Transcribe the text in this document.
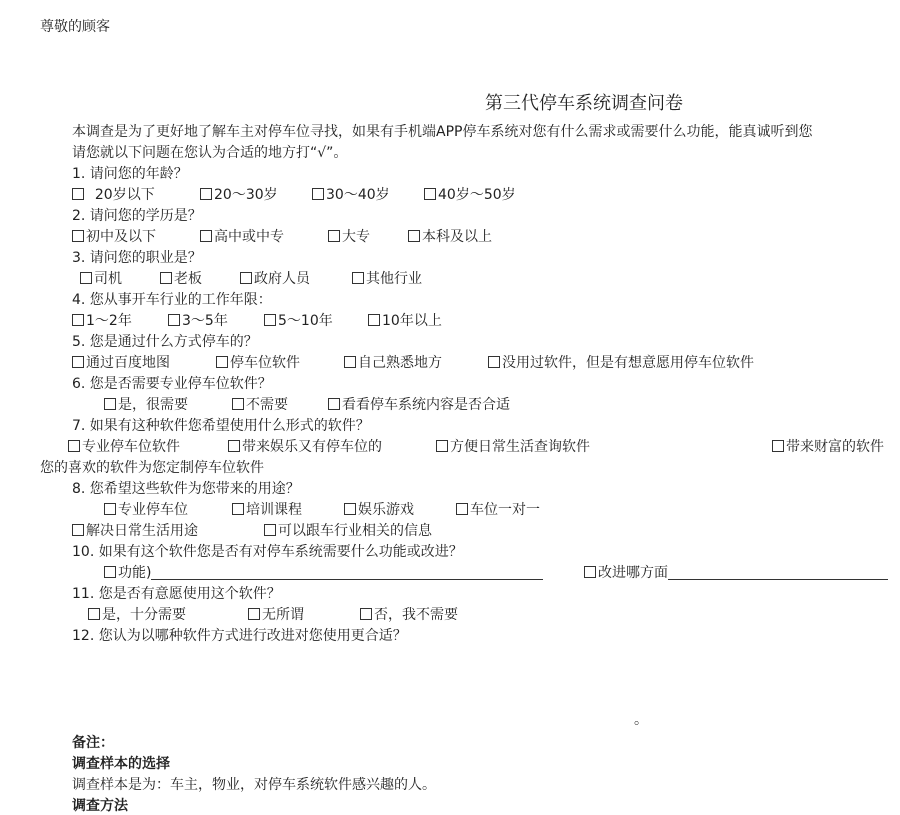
尊敬的顾客
第三代停车系统调查问卷
本调查是为了更好地了解车主对停车位寻找，如果有手机端APP停车系统对您有什么需求或需要什么功能，能真诚听到您
请您就以下问题在您认为合适的地方打“√”。
1. 请问您的年龄？
20岁以下	20～30岁	30～40岁	40岁～50岁
2. 请问您的学历是？
初中及以下	高中或中专	大专	本科及以上
3. 请问您的职业是？
司机	老板	政府人员	其他行业
4. 您从事开车行业的工作年限：
1～2年	3～5年	5～10年	10年以上
5. 您是通过什么方式停车的？
通过百度地图	停车位软件	自己熟悉地方	没用过软件，但是有想意愿用停车位软件
6. 您是否需要专业停车位软件？
是，很需要	不需要	看看停车系统内容是否合适
7. 如果有这种软件您希望使用什么形式的软件？
专业停车位软件	带来娱乐又有停车位的	方便日常生活查询软件	带来财富的软件
您的喜欢的软件为您定制停车位软件
8. 您希望这些软件为您带来的用途？
专业停车位	培训课程	娱乐游戏	车位一对一
解决日常生活用途	可以跟车行业相关的信息
10. 如果有这个软件您是否有对停车系统需要什么功能或改进？
功能)	改进哪方面
11. 您是否有意愿使用这个软件？
是，十分需要	无所谓	否，我不需要
12. 您认为以哪种软件方式进行改进对您使用更合适？
。
备注：
调查样本的选择
调查样本是为：车主，物业，对停车系统软件感兴趣的人。
调查方法
